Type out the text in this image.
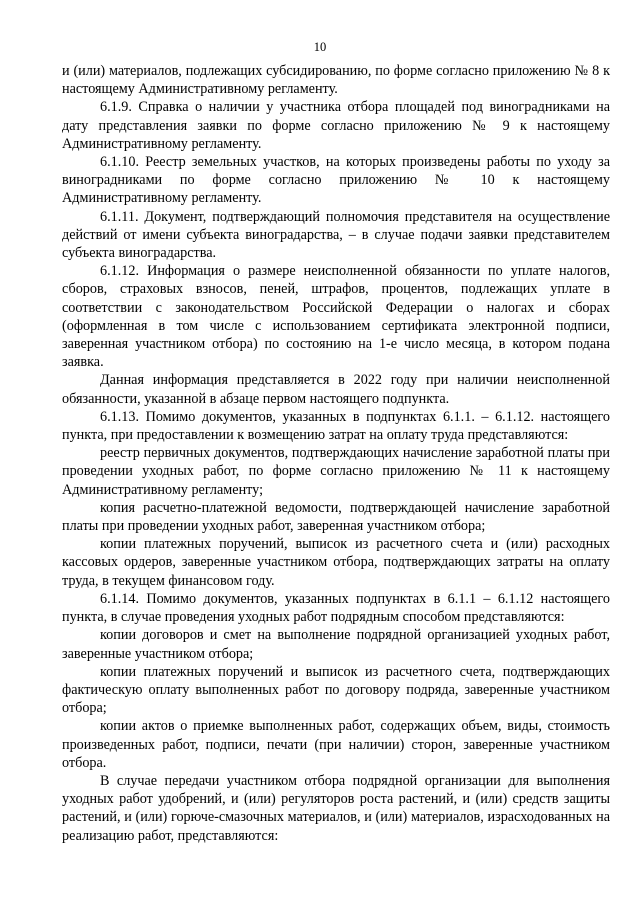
10

и (или) материалов, подлежащих субсидированию, по форме согласно приложению № 8 к настоящему Административному регламенту.

6.1.9. Справка о наличии у участника отбора площадей под виноградниками на дату представления заявки по форме согласно приложению № 9 к настоящему Административному регламенту.

6.1.10. Реестр земельных участков, на которых произведены работы по уходу за виноградниками по форме согласно приложению № 10 к настоящему Административному регламенту.

6.1.11. Документ, подтверждающий полномочия представителя на осуществление действий от имени субъекта виноградарства, – в случае подачи заявки представителем субъекта виноградарства.

6.1.12. Информация о размере неисполненной обязанности по уплате налогов, сборов, страховых взносов, пеней, штрафов, процентов, подлежащих уплате в соответствии с законодательством Российской Федерации о налогах и сборах (оформленная в том числе с использованием сертификата электронной подписи, заверенная участником отбора) по состоянию на 1-е число месяца, в котором подана заявка.

Данная информация представляется в 2022 году при наличии неисполненной обязанности, указанной в абзаце первом настоящего подпункта.

6.1.13. Помимо документов, указанных в подпунктах 6.1.1. – 6.1.12. настоящего пункта, при предоставлении к возмещению затрат на оплату труда представляются:

реестр первичных документов, подтверждающих начисление заработной платы при проведении уходных работ, по форме согласно приложению № 11 к настоящему Административному регламенту;

копия расчетно-платежной ведомости, подтверждающей начисление заработной платы при проведении уходных работ, заверенная участником отбора;

копии платежных поручений, выписок из расчетного счета и (или) расходных кассовых ордеров, заверенные участником отбора, подтверждающих затраты на оплату труда, в текущем финансовом году.

6.1.14. Помимо документов, указанных подпунктах в 6.1.1 – 6.1.12 настоящего пункта, в случае проведения уходных работ подрядным способом представляются:

копии договоров и смет на выполнение подрядной организацией уходных работ, заверенные участником отбора;

копии платежных поручений и выписок из расчетного счета, подтверждающих фактическую оплату выполненных работ по договору подряда, заверенные участником отбора;

копии актов о приемке выполненных работ, содержащих объем, виды, стоимость произведенных работ, подписи, печати (при наличии) сторон, заверенные участником отбора.

В случае передачи участником отбора подрядной организации для выполнения уходных работ удобрений, и (или) регуляторов роста растений, и (или) средств защиты растений, и (или) горюче-смазочных материалов, и (или) материалов, израсходованных на реализацию работ, представляются:
